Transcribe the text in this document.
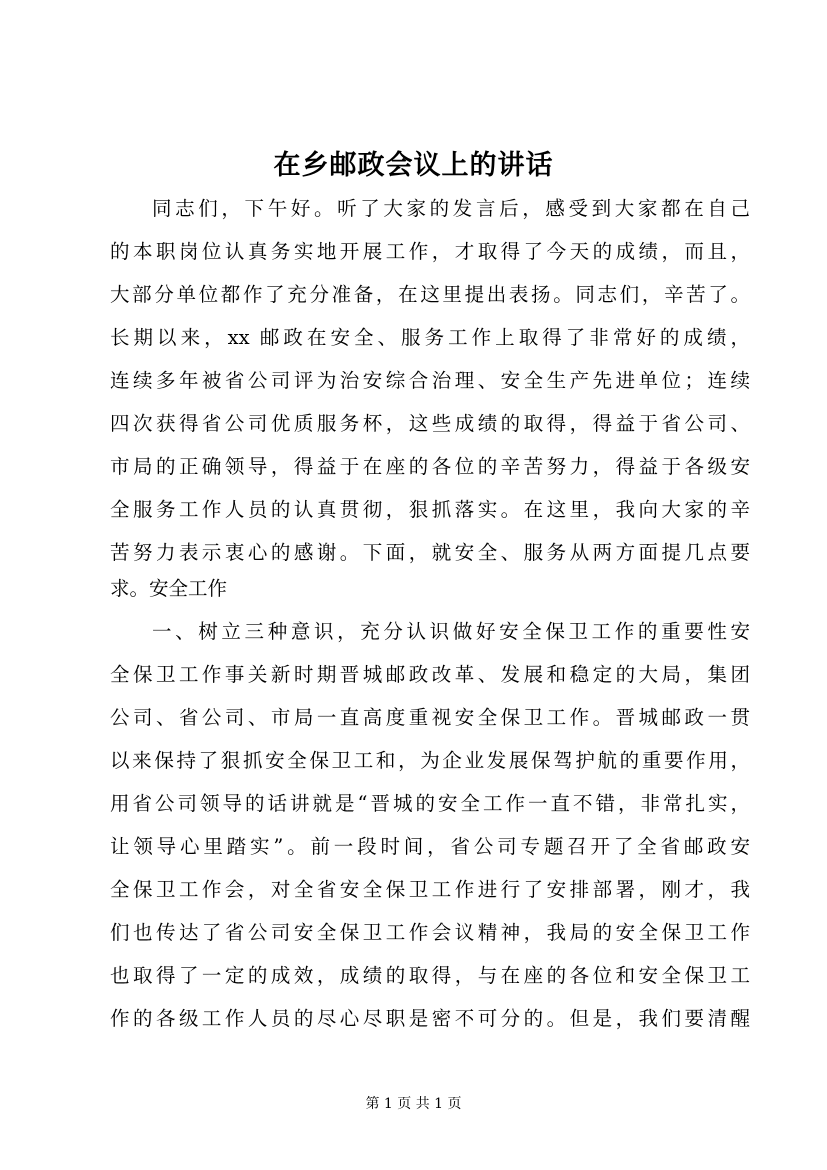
在乡邮政会议上的讲话
同志们，下午好。听了大家的发言后，感受到大家都在自己
的本职岗位认真务实地开展工作，才取得了今天的成绩，而且，
大部分单位都作了充分准备，在这里提出表扬。同志们，辛苦了。
长期以来，xx 邮政在安全、服务工作上取得了非常好的成绩，
连续多年被省公司评为治安综合治理、安全生产先进单位；连续
四次获得省公司优质服务杯，这些成绩的取得，得益于省公司、
市局的正确领导，得益于在座的各位的辛苦努力，得益于各级安
全服务工作人员的认真贯彻，狠抓落实。在这里，我向大家的辛
苦努力表示衷心的感谢。下面，就安全、服务从两方面提几点要
求。安全工作
一、树立三种意识，充分认识做好安全保卫工作的重要性安
全保卫工作事关新时期晋城邮政改革、发展和稳定的大局，集团
公司、省公司、市局一直高度重视安全保卫工作。晋城邮政一贯
以来保持了狠抓安全保卫工和，为企业发展保驾护航的重要作用，
用省公司领导的话讲就是“晋城的安全工作一直不错，非常扎实，
让领导心里踏实”。前一段时间，省公司专题召开了全省邮政安
全保卫工作会，对全省安全保卫工作进行了安排部署，刚才，我
们也传达了省公司安全保卫工作会议精神，我局的安全保卫工作
也取得了一定的成效，成绩的取得，与在座的各位和安全保卫工
作的各级工作人员的尽心尽职是密不可分的。但是，我们要清醒
第 1 页 共 1 页
